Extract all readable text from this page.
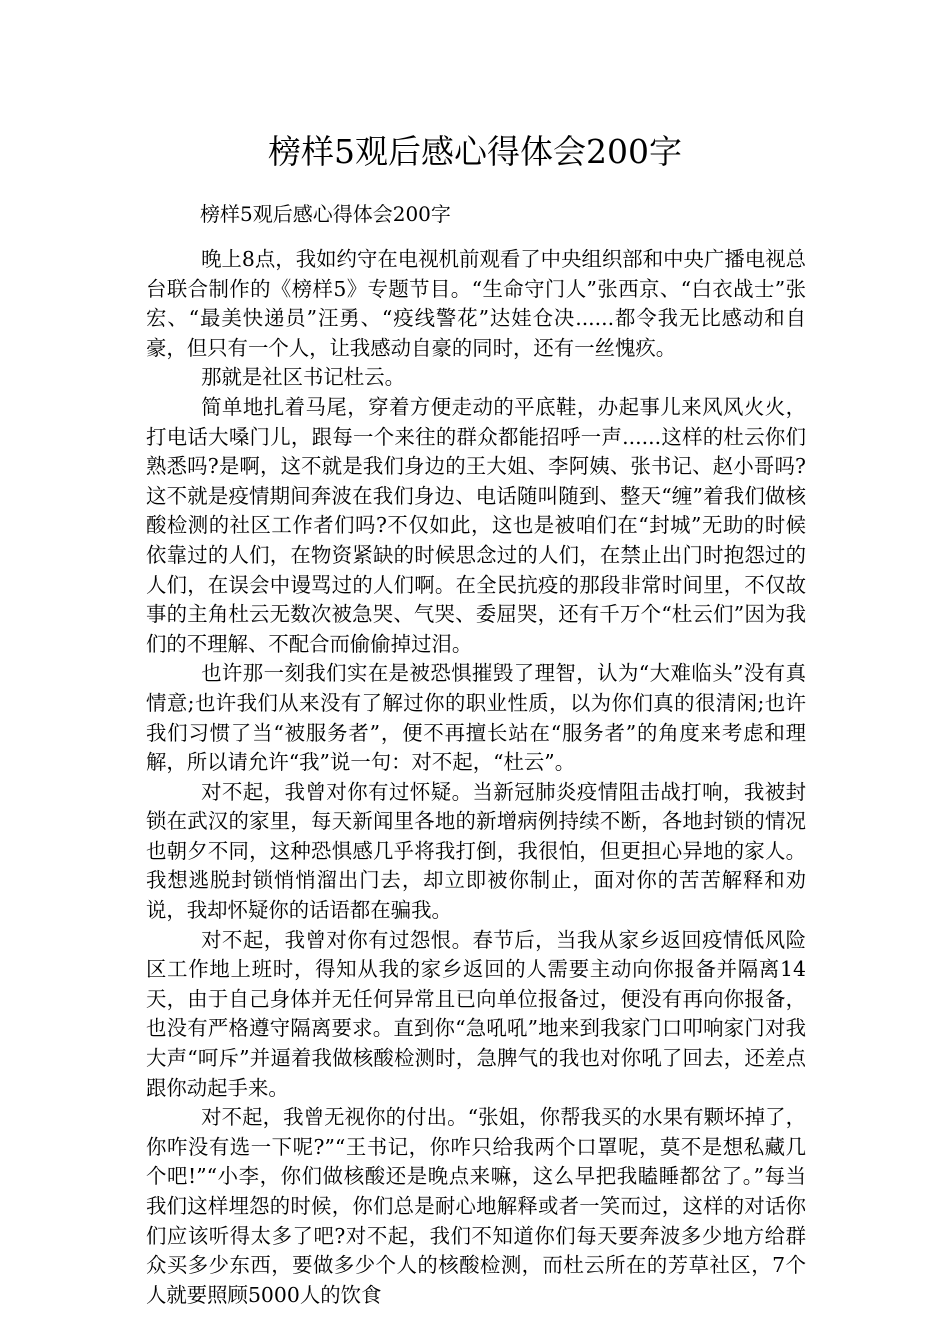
榜样5观后感心得体会200字

榜样5观后感心得体会200字

晚上8点，我如约守在电视机前观看了中央组织部和中央广播电视总台联合制作的《榜样5》专题节目。“生命守门人”张西京、“白衣战士”张宏、“最美快递员”汪勇、“疫线警花”达娃仓决......都令我无比感动和自豪，但只有一个人，让我感动自豪的同时，还有一丝愧疚。

那就是社区书记杜云。

简单地扎着马尾，穿着方便走动的平底鞋，办起事儿来风风火火，打电话大嗓门儿，跟每一个来往的群众都能招呼一声......这样的杜云你们熟悉吗?是啊，这不就是我们身边的王大姐、李阿姨、张书记、赵小哥吗?这不就是疫情期间奔波在我们身边、电话随叫随到、整天“缠”着我们做核酸检测的社区工作者们吗?不仅如此，这也是被咱们在“封城”无助的时候依靠过的人们，在物资紧缺的时候思念过的人们，在禁止出门时抱怨过的人们，在误会中谩骂过的人们啊。在全民抗疫的那段非常时间里，不仅故事的主角杜云无数次被急哭、气哭、委屈哭，还有千万个“杜云们”因为我们的不理解、不配合而偷偷掉过泪。

也许那一刻我们实在是被恐惧摧毁了理智，认为“大难临头”没有真情意;也许我们从来没有了解过你的职业性质，以为你们真的很清闲;也许我们习惯了当“被服务者”，便不再擅长站在“服务者”的角度来考虑和理解，所以请允许“我”说一句：对不起，“杜云”。

对不起，我曾对你有过怀疑。当新冠肺炎疫情阻击战打响，我被封锁在武汉的家里，每天新闻里各地的新增病例持续不断，各地封锁的情况也朝夕不同，这种恐惧感几乎将我打倒，我很怕，但更担心异地的家人。我想逃脱封锁悄悄溜出门去，却立即被你制止，面对你的苦苦解释和劝说，我却怀疑你的话语都在骗我。

对不起，我曾对你有过怨恨。春节后，当我从家乡返回疫情低风险区工作地上班时，得知从我的家乡返回的人需要主动向你报备并隔离14天，由于自己身体并无任何异常且已向单位报备过，便没有再向你报备，也没有严格遵守隔离要求。直到你“急吼吼”地来到我家门口叩响家门对我大声“呵斥”并逼着我做核酸检测时，急脾气的我也对你吼了回去，还差点跟你动起手来。

对不起，我曾无视你的付出。“张姐，你帮我买的水果有颗坏掉了，你咋没有选一下呢?”“王书记，你咋只给我两个口罩呢，莫不是想私藏几个吧!”“小李，你们做核酸还是晚点来嘛，这么早把我瞌睡都岔了。”每当我们这样埋怨的时候，你们总是耐心地解释或者一笑而过，这样的对话你们应该听得太多了吧?对不起，我们不知道你们每天要奔波多少地方给群众买多少东西，要做多少个人的核酸检测，而杜云所在的芳草社区，7个人就要照顾5000人的饮食
